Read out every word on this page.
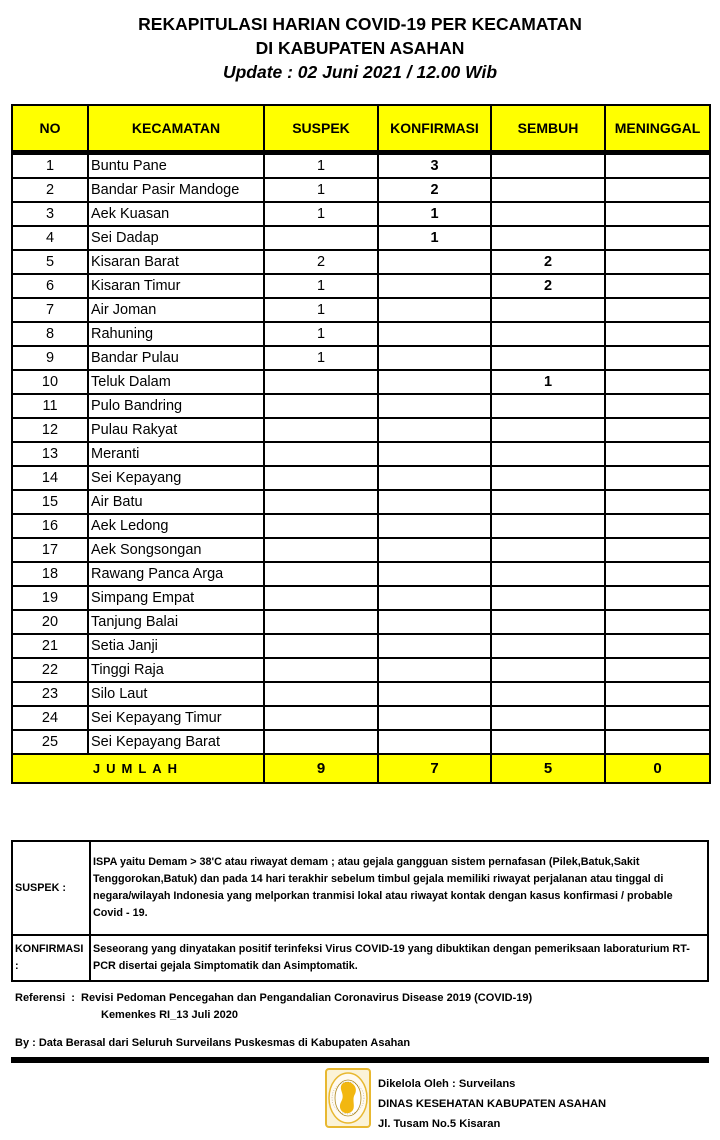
REKAPITULASI HARIAN COVID-19 PER KECAMATAN
DI KABUPATEN ASAHAN
Update : 02 Juni 2021 / 12.00 Wib
NO	KECAMATAN	SUSPEK	KONFIRMASI	SEMBUH	MENINGGAL
1	Buntu Pane	1	3		
2	Bandar Pasir Mandoge	1	2		
3	Aek Kuasan	1	1		
4	Sei Dadap		1		
5	Kisaran Barat	2		2	
6	Kisaran Timur	1		2	
7	Air Joman	1			
8	Rahuning	1			
9	Bandar Pulau	1			
10	Teluk Dalam			1	
11	Pulo Bandring				
12	Pulau Rakyat				
13	Meranti				
14	Sei Kepayang				
15	Air Batu				
16	Aek Ledong				
17	Aek Songsongan				
18	Rawang Panca Arga				
19	Simpang Empat				
20	Tanjung Balai				
21	Setia Janji				
22	Tinggi Raja				
23	Silo Laut				
24	Sei Kepayang Timur				
25	Sei Kepayang Barat				
JUMLAH		9	7	5	0
SUSPEK :	ISPA yaitu Demam > 38'C atau riwayat demam ; atau gejala gangguan sistem pernafasan (Pilek,Batuk,Sakit Tenggorokan,Batuk) dan pada 14 hari terakhir sebelum timbul gejala memiliki riwayat perjalanan atau tinggal di negara/wilayah Indonesia yang melporkan tranmisi lokal atau riwayat kontak dengan kasus konfirmasi / probable Covid - 19.
KONFIRMASI :	Seseorang yang dinyatakan positif terinfeksi Virus COVID-19 yang dibuktikan dengan pemeriksaan laboraturium RT-PCR disertai gejala Simptomatik dan Asimptomatik.
Referensi  :  Revisi Pedoman Pencegahan dan Pengandalian Coronavirus Disease 2019 (COVID-19)
Kemenkes RI_13 Juli 2020
By : Data Berasal dari Seluruh Surveilans Puskesmas di Kabupaten Asahan
Dikelola Oleh : Surveilans
DINAS KESEHATAN KABUPATEN ASAHAN
Jl. Tusam No.5 Kisaran
